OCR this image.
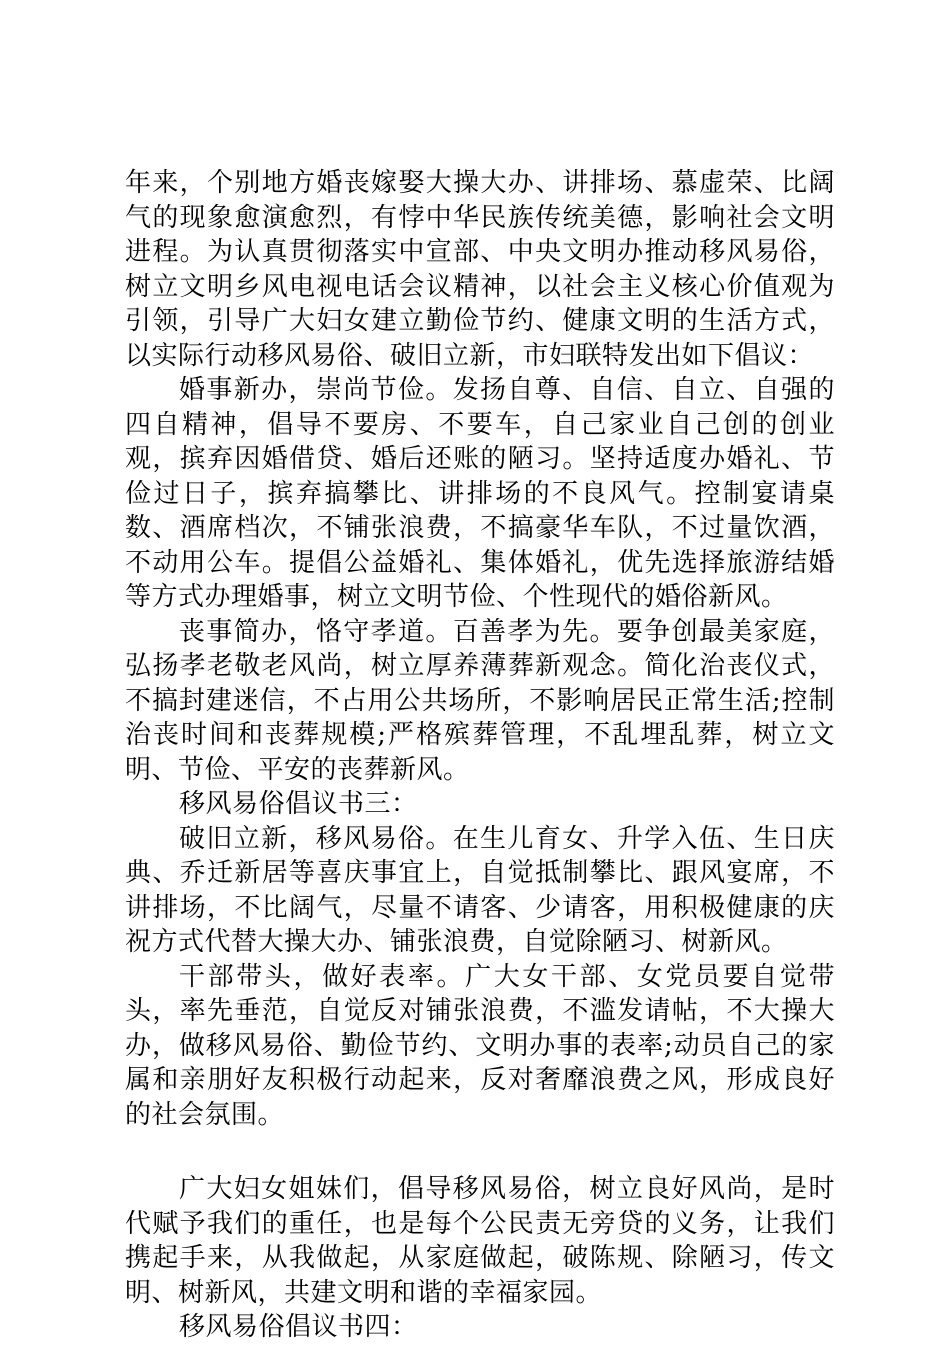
年来，个别地方婚丧嫁娶大操大办、讲排场、慕虚荣、比阔气的现象愈演愈烈，有悖中华民族传统美德，影响社会文明进程。为认真贯彻落实中宣部、中央文明办推动移风易俗，树立文明乡风电视电话会议精神，以社会主义核心价值观为引领，引导广大妇女建立勤俭节约、健康文明的生活方式，以实际行动移风易俗、破旧立新，市妇联特发出如下倡议：

婚事新办，崇尚节俭。发扬自尊、自信、自立、自强的四自精神，倡导不要房、不要车，自己家业自己创的创业观，摈弃因婚借贷、婚后还账的陋习。坚持适度办婚礼、节俭过日子，摈弃搞攀比、讲排场的不良风气。控制宴请桌数、酒席档次，不铺张浪费，不搞豪华车队，不过量饮酒，不动用公车。提倡公益婚礼、集体婚礼，优先选择旅游结婚等方式办理婚事，树立文明节俭、个性现代的婚俗新风。

丧事简办，恪守孝道。百善孝为先。要争创最美家庭，弘扬孝老敬老风尚，树立厚养薄葬新观念。简化治丧仪式，不搞封建迷信，不占用公共场所，不影响居民正常生活;控制治丧时间和丧葬规模;严格殡葬管理，不乱埋乱葬，树立文明、节俭、平安的丧葬新风。

移风易俗倡议书三：

破旧立新，移风易俗。在生儿育女、升学入伍、生日庆典、乔迁新居等喜庆事宜上，自觉抵制攀比、跟风宴席，不讲排场，不比阔气，尽量不请客、少请客，用积极健康的庆祝方式代替大操大办、铺张浪费，自觉除陋习、树新风。

干部带头，做好表率。广大女干部、女党员要自觉带头，率先垂范，自觉反对铺张浪费，不滥发请帖，不大操大办，做移风易俗、勤俭节约、文明办事的表率;动员自己的家属和亲朋好友积极行动起来，反对奢靡浪费之风，形成良好的社会氛围。

广大妇女姐妹们，倡导移风易俗，树立良好风尚，是时代赋予我们的重任，也是每个公民责无旁贷的义务，让我们携起手来，从我做起，从家庭做起，破陈规、除陋习，传文明、树新风，共建文明和谐的幸福家园。

移风易俗倡议书四：
